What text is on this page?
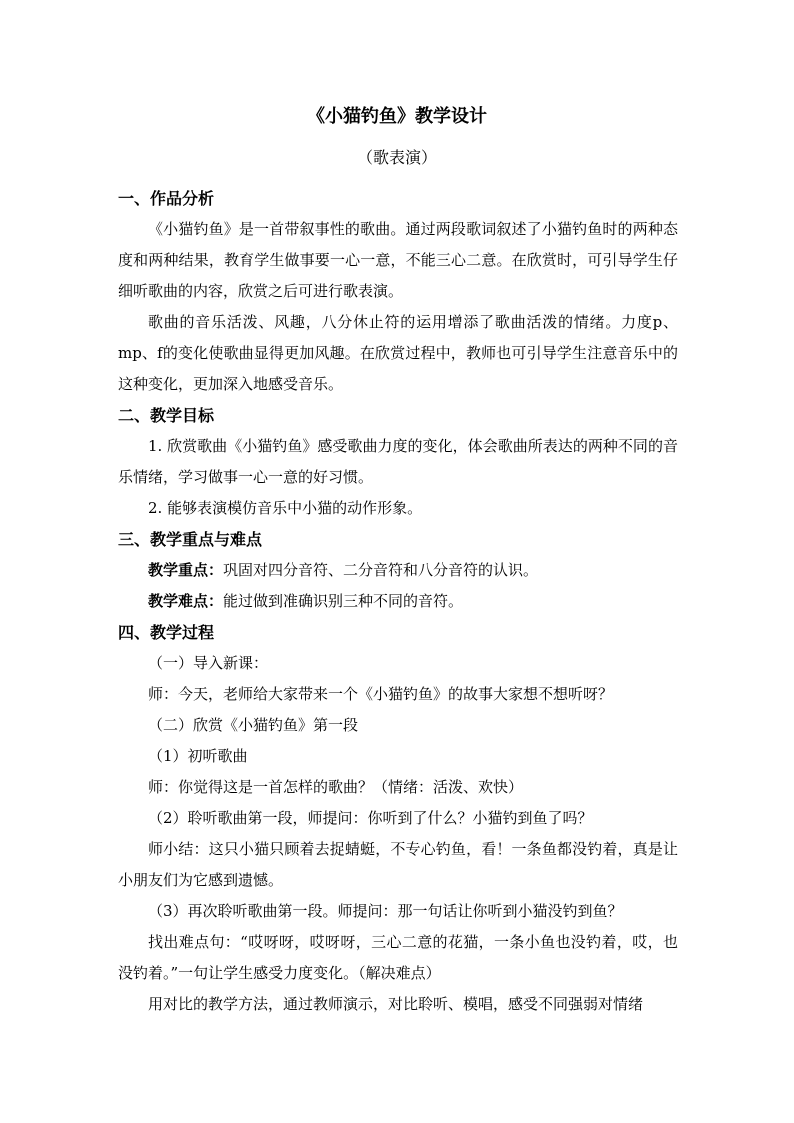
《小猫钓鱼》教学设计
（歌表演）
一、作品分析

《小猫钓鱼》是一首带叙事性的歌曲。通过两段歌词叙述了小猫钓鱼时的两种态度和两种结果，教育学生做事要一心一意，不能三心二意。在欣赏时，可引导学生仔细听歌曲的内容，欣赏之后可进行歌表演。

歌曲的音乐活泼、风趣，八分休止符的运用增添了歌曲活泼的情绪。力度p、mp、f的变化使歌曲显得更加风趣。在欣赏过程中，教师也可引导学生注意音乐中的这种变化，更加深入地感受音乐。

二、教学目标

1. 欣赏歌曲《小猫钓鱼》感受歌曲力度的变化，体会歌曲所表达的两种不同的音乐情绪，学习做事一心一意的好习惯。

2. 能够表演模仿音乐中小猫的动作形象。
三、教学重点与难点
教学重点：巩固对四分音符、二分音符和八分音符的认识。
教学难点：能过做到准确识别三种不同的音符。
四、教学过程
（一）导入新课：
师：今天，老师给大家带来一个《小猫钓鱼》的故事大家想不想听呀？
（二）欣赏《小猫钓鱼》第一段
（1）初听歌曲
师：你觉得这是一首怎样的歌曲？（情绪：活泼、欢快）
（2）聆听歌曲第一段，师提问：你听到了什么？小猫钓到鱼了吗？

师小结：这只小猫只顾着去捉蜻蜓，不专心钓鱼，看！一条鱼都没钓着，真是让小朋友们为它感到遗憾。

（3）再次聆听歌曲第一段。师提问：那一句话让你听到小猫没钓到鱼？

找出难点句：“哎呀呀，哎呀呀，三心二意的花猫，一条小鱼也没钓着，哎，也没钓着。”一句让学生感受力度变化。（解决难点）

用对比的教学方法，通过教师演示，对比聆听、模唱，感受不同强弱对情绪
